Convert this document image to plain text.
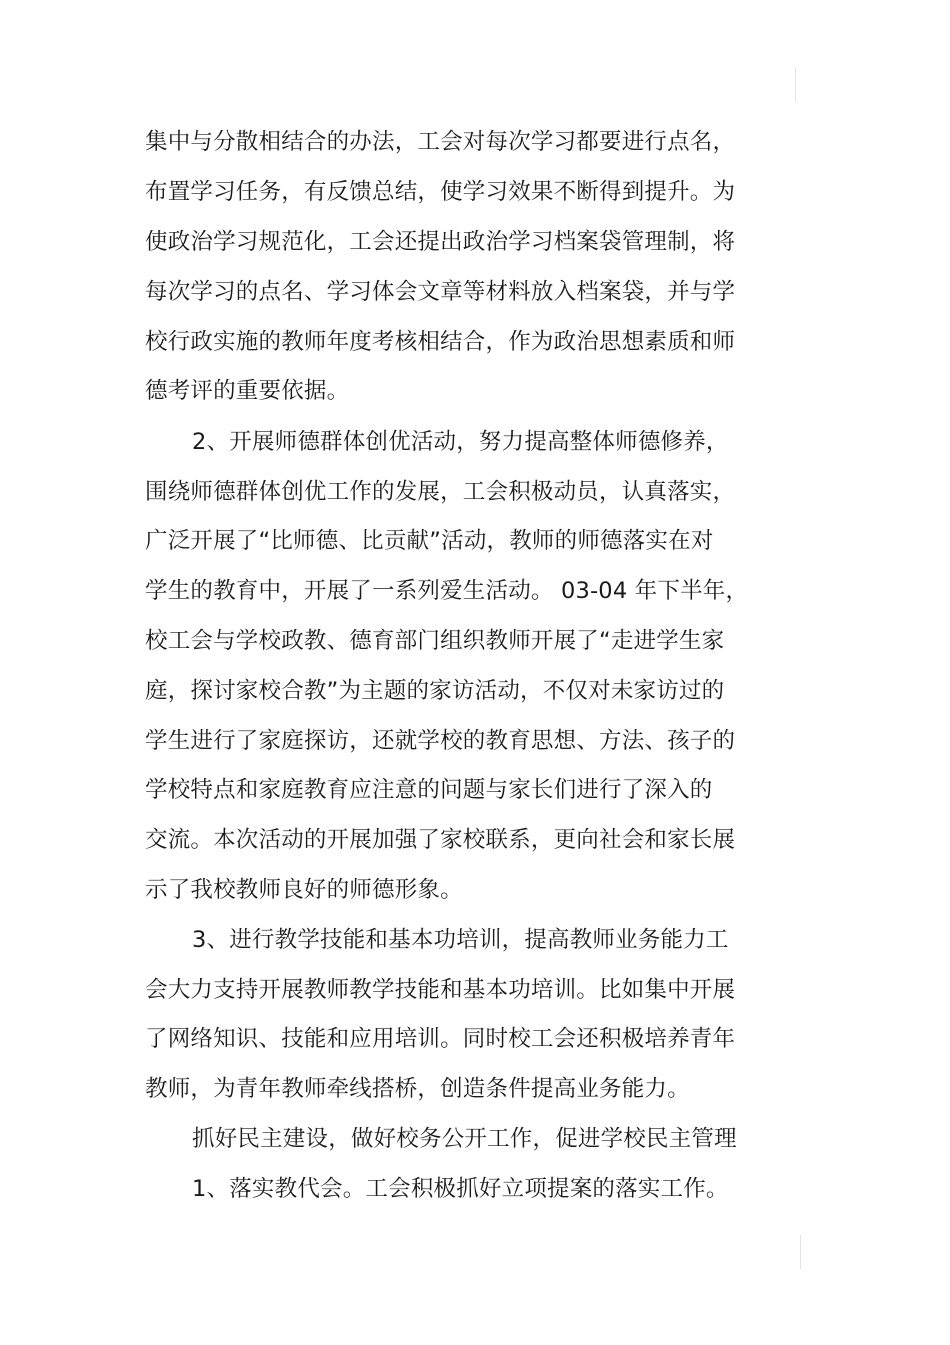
集中与分散相结合的办法，工会对每次学习都要进行点名，
布置学习任务，有反馈总结，使学习效果不断得到提升。为
使政治学习规范化，工会还提出政治学习档案袋管理制，将
每次学习的点名、学习体会文章等材料放入档案袋，并与学
校行政实施的教师年度考核相结合，作为政治思想素质和师
德考评的重要依据。
2、开展师德群体创优活动，努力提高整体师德修养，
围绕师德群体创优工作的发展，工会积极动员，认真落实，
广泛开展了“比师德、比贡献”活动，教师的师德落实在对
学生的教育中，开展了一系列爱生活动。 03-04 年下半年，
校工会与学校政教、德育部门组织教师开展了“走进学生家
庭，探讨家校合教”为主题的家访活动，不仅对未家访过的
学生进行了家庭探访，还就学校的教育思想、方法、孩子的
学校特点和家庭教育应注意的问题与家长们进行了深入的
交流。本次活动的开展加强了家校联系，更向社会和家长展
示了我校教师良好的师德形象。
3、进行教学技能和基本功培训，提高教师业务能力工
会大力支持开展教师教学技能和基本功培训。比如集中开展
了网络知识、技能和应用培训。同时校工会还积极培养青年
教师，为青年教师牵线搭桥，创造条件提高业务能力。
抓好民主建设，做好校务公开工作，促进学校民主管理
1、落实教代会。工会积极抓好立项提案的落实工作。
